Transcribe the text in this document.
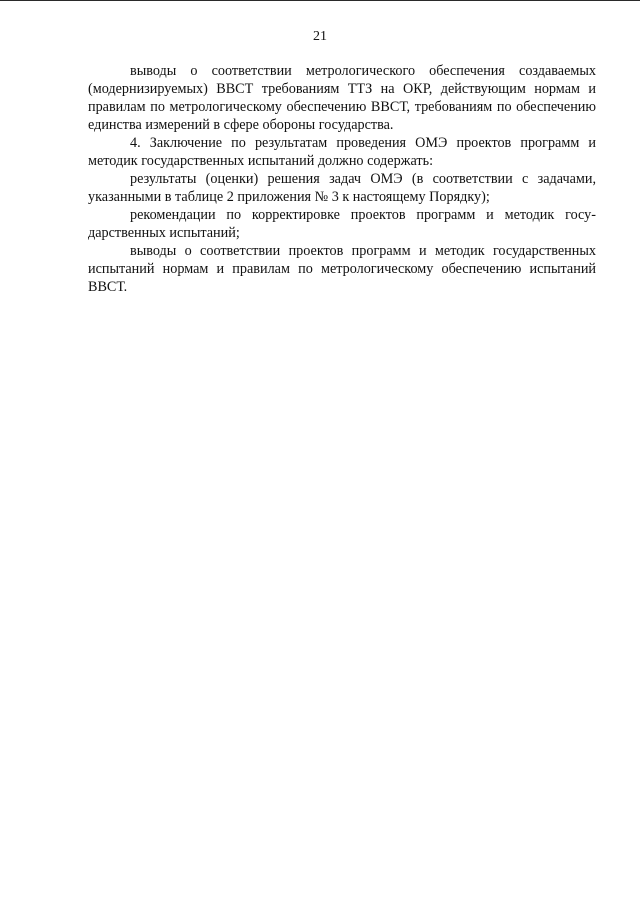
21

выводы о соответствии метрологического обеспечения создаваемых (модернизируемых) ВВСТ требованиям ТТЗ на ОКР, действующим нормам и правилам по метрологическому обеспечению ВВСТ, требованиям по обеспечению единства измерений в сфере обороны государства.

4. Заключение по результатам проведения ОМЭ проектов программ и методик государственных испытаний должно содержать:

результаты (оценки) решения задач ОМЭ (в соответствии с задачами, указанными в таблице 2 приложения № 3 к настоящему Порядку);

рекомендации по корректировке проектов программ и методик государственных испытаний;

выводы о соответствии проектов программ и методик государственных испытаний нормам и правилам по метрологическому обеспечению испытаний ВВСТ.
